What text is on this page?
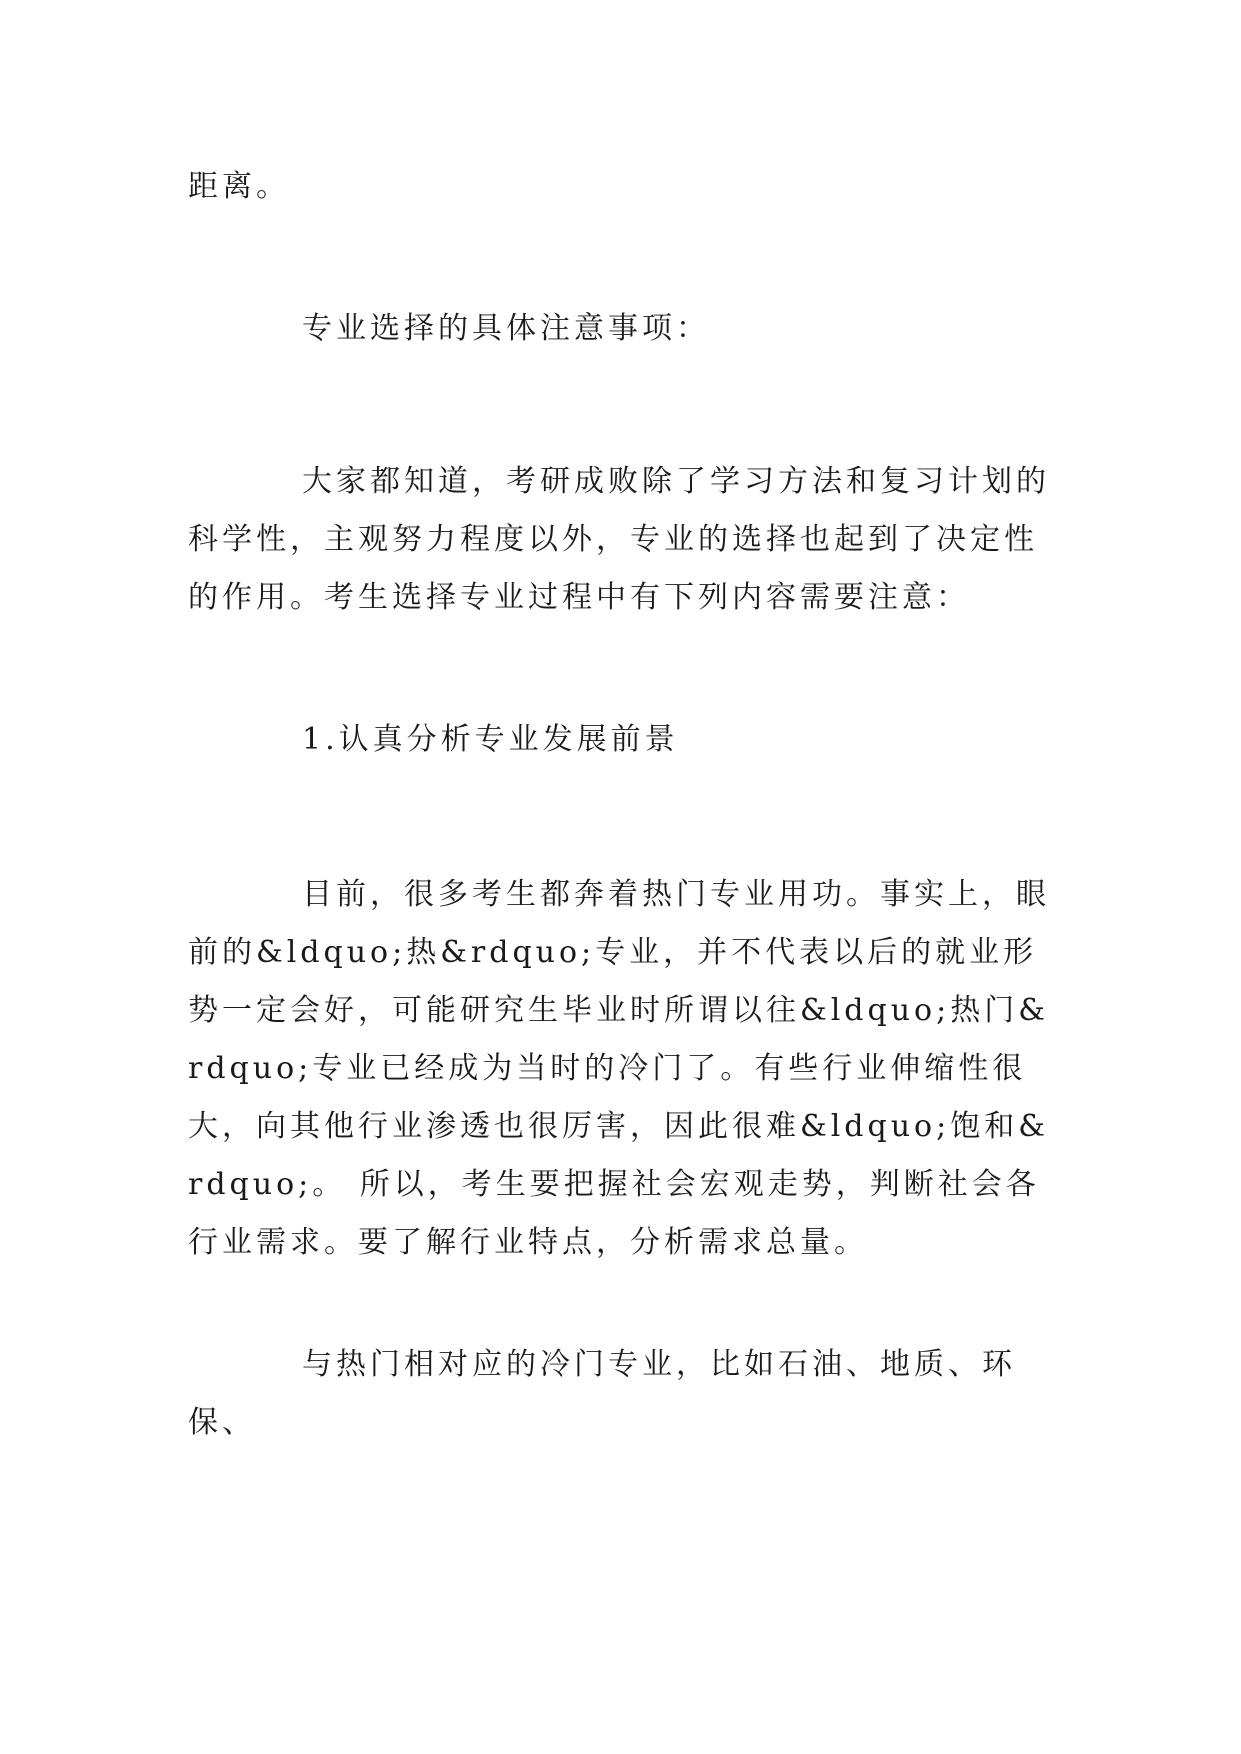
距离。

专业选择的具体注意事项：

大家都知道，考研成败除了学习方法和复习计划的科学性，主观努力程度以外，专业的选择也起到了决定性的作用。考生选择专业过程中有下列内容需要注意：

1.认真分析专业发展前景

目前，很多考生都奔着热门专业用功。事实上，眼前的&ldquo;热&rdquo;专业，并不代表以后的就业形势一定会好，可能研究生毕业时所谓以往&ldquo;热门&rdquo;专业已经成为当时的冷门了。有些行业伸缩性很大，向其他行业渗透也很厉害，因此很难&ldquo;饱和&rdquo;。 所以，考生要把握社会宏观走势，判断社会各行业需求。要了解行业特点，分析需求总量。

与热门相对应的冷门专业，比如石油、地质、环保、
